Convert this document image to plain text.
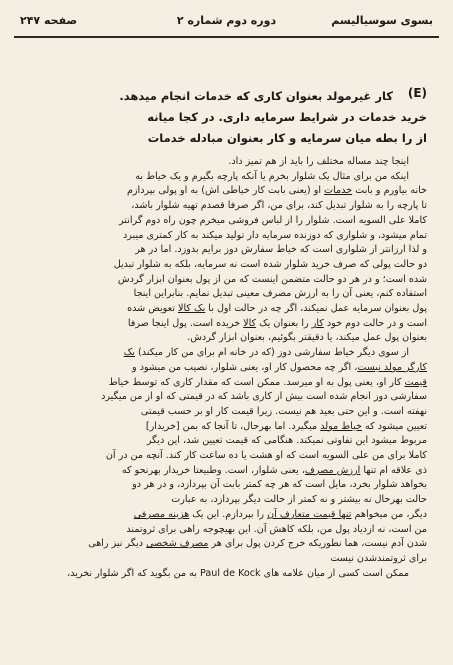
بسوی سوسیالیسم
دوره دوم شماره ۲
صفحه ۲۴۷
(E)

کار غیرمولد بعنوان کاری که خدمات انجام میدهد.

خرید خدمات در شرایط سرمایه داری. در کجا میانه

از را بطه میان سرمایه و کار بعنوان مبادله خدمات

اینجا چند مساله مختلف را باید از هم تمیز داد.

اینکه من برای مثال یک شلوار بخرم یا آنکه پارچه بگیرم و یک خیاط به

خانه بیاورم و بابت خدمات او (یعنی بابت کار خیاطی اش) به او پولی بپردازم

تا پارچه را به شلوار تبدیل کند، برای من، اگر صرفا قصدم تهیه شلوار باشد،

کاملا علی السویه است. شلوار را از لباس فروشی میخرم چون راه دوم گرانتر

تمام میشود، و شلواری که دوزنده سرمایه دار تولید میکند به کار کمتری میبرد

و لذا ارزانتر از شلواری است که خیاط سفارش دوز برایم بدوزد. اما در هر

دو حالت پولی که صرف خرید شلوار شده است نه سرمایه، بلکه به شلوار تبدیل

شده است؛ و در هر دو حالت متضمن اینست که من از پول بعنوان ابزار گردش

استفاده کنم، یعنی آن را به ارزش مصرف معینی تبدیل نمایم. بنابراین اینجا

پول بعنوان سرمایه عمل نمیکند، اگر چه در حالت اول با یک کالا تعویض شده

است و در حالت دوم خود کار را بعنوان یک کالا خریده است. پول اینجا صرفا

بعنوان پول عمل میکند، یا دقیقتر بگوئیم، بعنوان ابزار گردش.

از سوی دیگر خیاط سفارشی دوز (که در خانه ام برای من کار میکند) یک

کارگر مولد نیست، اگر چه محصول کار او، یعنی شلوار، نصیب من میشود و

قیمت کار او، یعنی پول به او میرسد. ممکن است که مقدار کاری که توسط خیاط

سفارشی دوز انجام شده است بیش از کاری باشد که در قیمتی که او از من میگیرد

نهفته است. و این حتی بعید هم نیست. زیرا قیمت کار او بر حسب قیمتی

تعیین میشود که خیاط مولد میگیرد. اما بهرحال، تا آنجا که بمن [خریدار]

مربوط میشود این تفاوتی نمیکند. هنگامی که قیمت تعیین شد، این دیگر

کاملا برای من علی السویه است که او هشت یا ده ساعت کار کند. آنچه من در آن

ذی علاقه ام تنها ارزش مصرف، یعنی شلوار، است. وطبیعتا خریدار بهرنحو که

بخواهد شلوار بخرد، مایل است که هر چه کمتر بابت آن بپردازد، و در هر دو

حالت بهرحال نه بیشتر و نه کمتر از حالت دیگر بپردازد، به عبارت

دیگر، من میخواهم تنها قیمت متعارف آن را بپردازم. این یک هزینه مصرفی

من است، نه ازدیاد پول من، بلکه کاهش آن. این بهیچوجه راهی برای ثروتمند

شدن آدم نیست، هما نطوریکه خرج کردن پول برای هر مصرف شخصی دیگر نیز راهی

برای ثروتمندشدن نیست

ممکن است کسی از میان علامه های Paul de Kock به من بگوید که اگر شلوار نخرید،
